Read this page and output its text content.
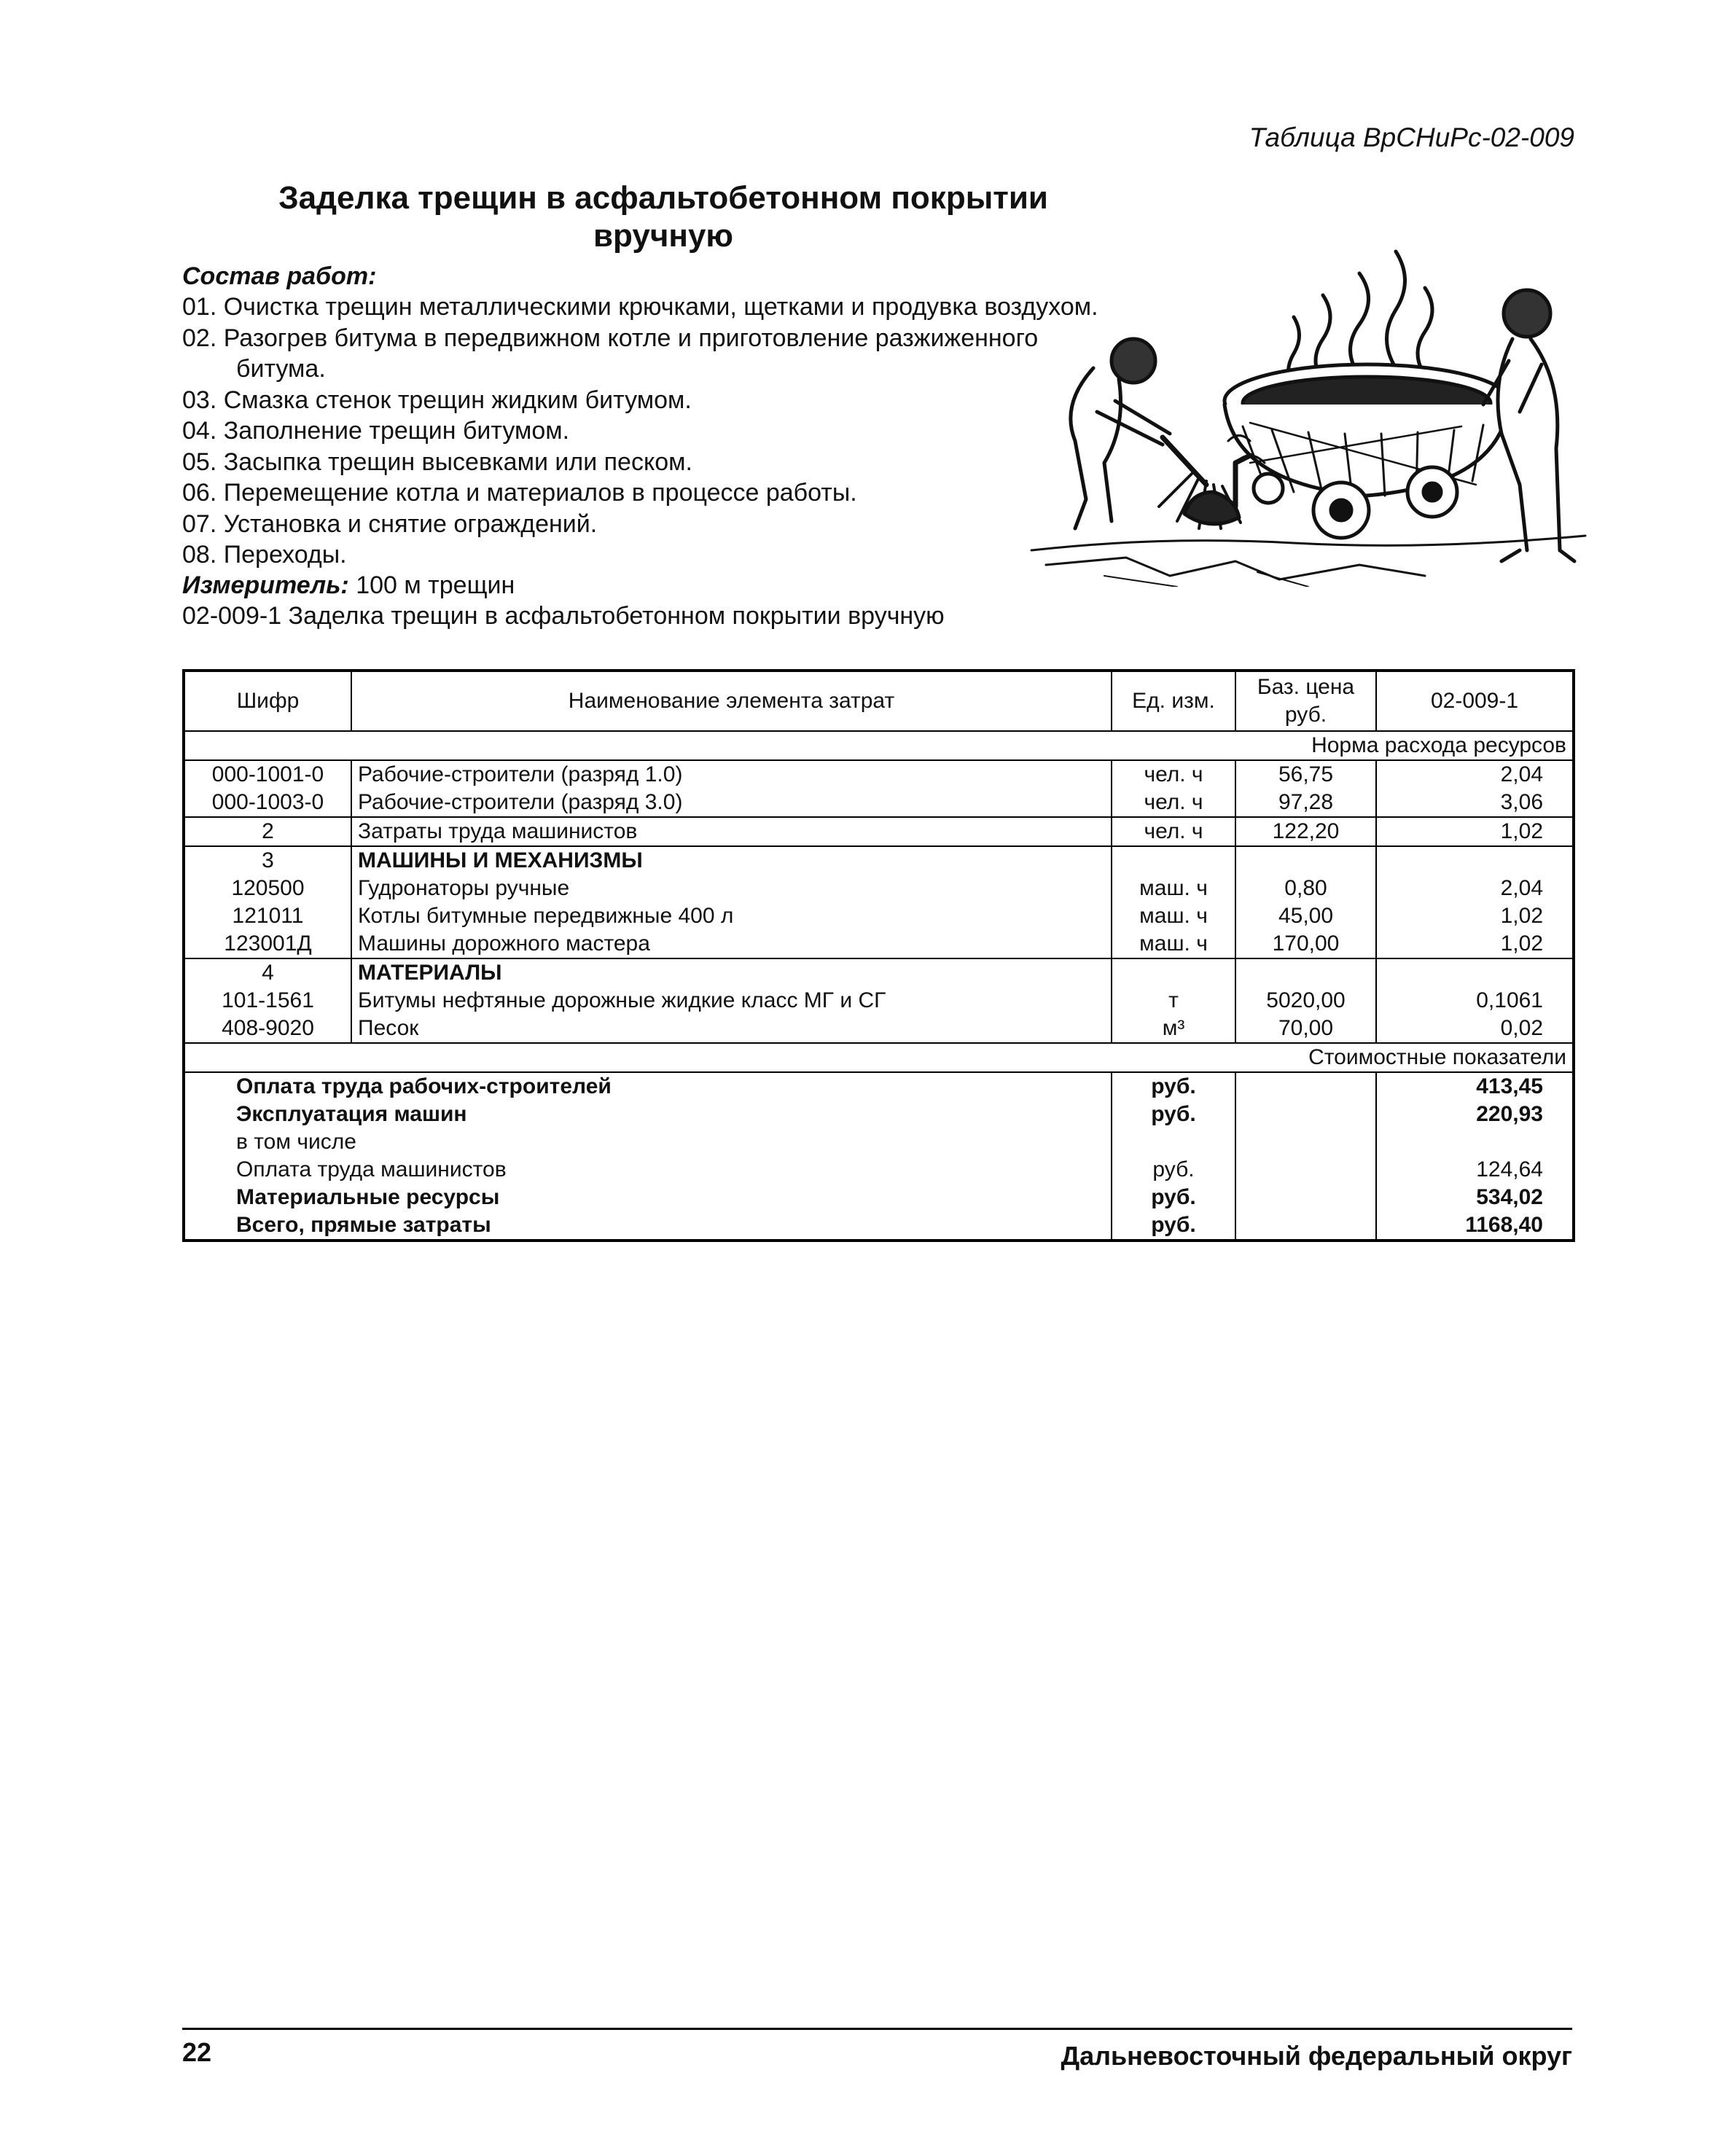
Таблица ВрСНиРс-02-009
Заделка трещин в асфальтобетонном покрытии
вручную
Состав работ:
01. Очистка трещин металлическими крючками, щетками и продувка воздухом.
02. Разогрев битума в передвижном котле и приготовление разжиженного
битума.
03. Смазка стенок трещин жидким битумом.
04. Заполнение трещин битумом.
05. Засыпка трещин высевками или песком.
06. Перемещение котла и материалов в процессе работы.
07. Установка и снятие ограждений.
08. Переходы.
Измеритель: 100 м трещин
02-009-1 Заделка трещин в асфальтобетонном покрытии вручную
Шифр	Наименование элемента затрат	Ед. изм.	Баз. цена руб.	02-009-1
Норма расхода ресурсов				
000-1001-0	Рабочие-строители (разряд 1.0)	чел. ч	56,75	2,04
000-1003-0	Рабочие-строители (разряд 3.0)	чел. ч	97,28	3,06
2	Затраты труда машинистов	чел. ч	122,20	1,02
3	МАШИНЫ И МЕХАНИЗМЫ			
120500	Гудронаторы ручные	маш. ч	0,80	2,04
121011	Котлы битумные передвижные 400 л	маш. ч	45,00	1,02
123001Д	Машины дорожного мастера	маш. ч	170,00	1,02
4	МАТЕРИАЛЫ			
101-1561	Битумы нефтяные дорожные жидкие класс МГ и СГ	т	5020,00	0,1061
408-9020	Песок	м³	70,00	0,02
Стоимостные показатели				
Оплата труда рабочих-строителей		руб.		413,45
Эксплуатация машин		руб.		220,93
в том числе				
Оплата труда машинистов		руб.		124,64
Материальные ресурсы		руб.		534,02
Всего, прямые затраты		руб.		1168,40
22	Дальневосточный федеральный округ
